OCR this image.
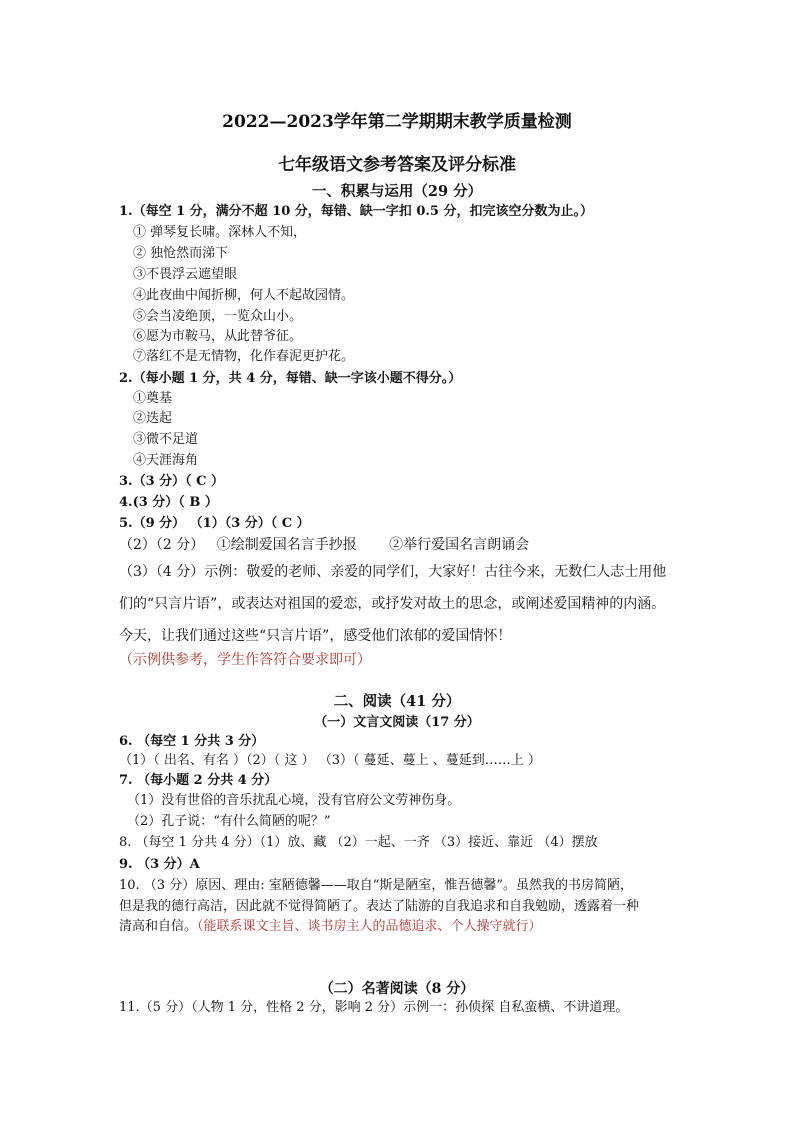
2022—2023学年第二学期期末教学质量检测
七年级语文参考答案及评分标准
一、积累与运用（29 分）
1.（每空 1 分，满分不超 10 分，每错、缺一字扣 0.5 分，扣完该空分数为止。）
① 弹琴复长啸。深林人不知，
② 独怆然而涕下
③不畏浮云遮望眼
④此夜曲中闻折柳，何人不起故园情。
⑤会当凌绝顶，一览众山小。
⑥愿为市鞍马，从此替爷征。
⑦落红不是无情物，化作春泥更护花。
2.（每小题 1 分，共 4 分，每错、缺一字该小题不得分。）
①奠基
②迭起
③微不足道
④天涯海角
3.（3 分）（ C ）
4.(3 分）（ B ）
5.（9 分） （1）（3 分）（ C ）
（2）（2 分） ①绘制爱国名言手抄报 ②举行爱国名言朗诵会
（3）（4 分）示例：敬爱的老师、亲爱的同学们，大家好！古往今来，无数仁人志士用他
们的“只言片语”，或表达对祖国的爱恋，或抒发对故土的思念，或阐述爱国精神的内涵。
今天，让我们通过这些“只言片语”，感受他们浓郁的爱国情怀！
（示例供参考，学生作答符合要求即可）
二、阅读（41 分）
（一）文言文阅读（17 分）
6. （每空 1 分共 3 分）
（1）（ 出名、有名 ）（2）（ 这 ） （3）（ 蔓延、蔓上 、蔓延到……上 ）
7. （每小题 2 分共 4 分）
（1）没有世俗的音乐扰乱心境，没有官府公文劳神伤身。
（2）孔子说：“有什么简陋的呢？”
8. （每空 1 分共 4 分）（1）放、藏 （2）一起、一齐 （3）接近、靠近 （4）摆放
9. （3 分）A
10. （3 分）原因、理由: 室陋德馨——取自“斯是陋室，惟吾德馨”。虽然我的书房简陋，
但是我的德行高洁，因此就不觉得简陋了。表达了陆游的自我追求和自我勉励，透露着一种
清高和自信。（能联系课文主旨、谈书房主人的品德追求、个人操守就行）
（二）名著阅读（8 分）
11.（5 分）（人物 1 分，性格 2 分，影响 2 分）示例一：孙侦探 自私蛮横、不讲道理。
